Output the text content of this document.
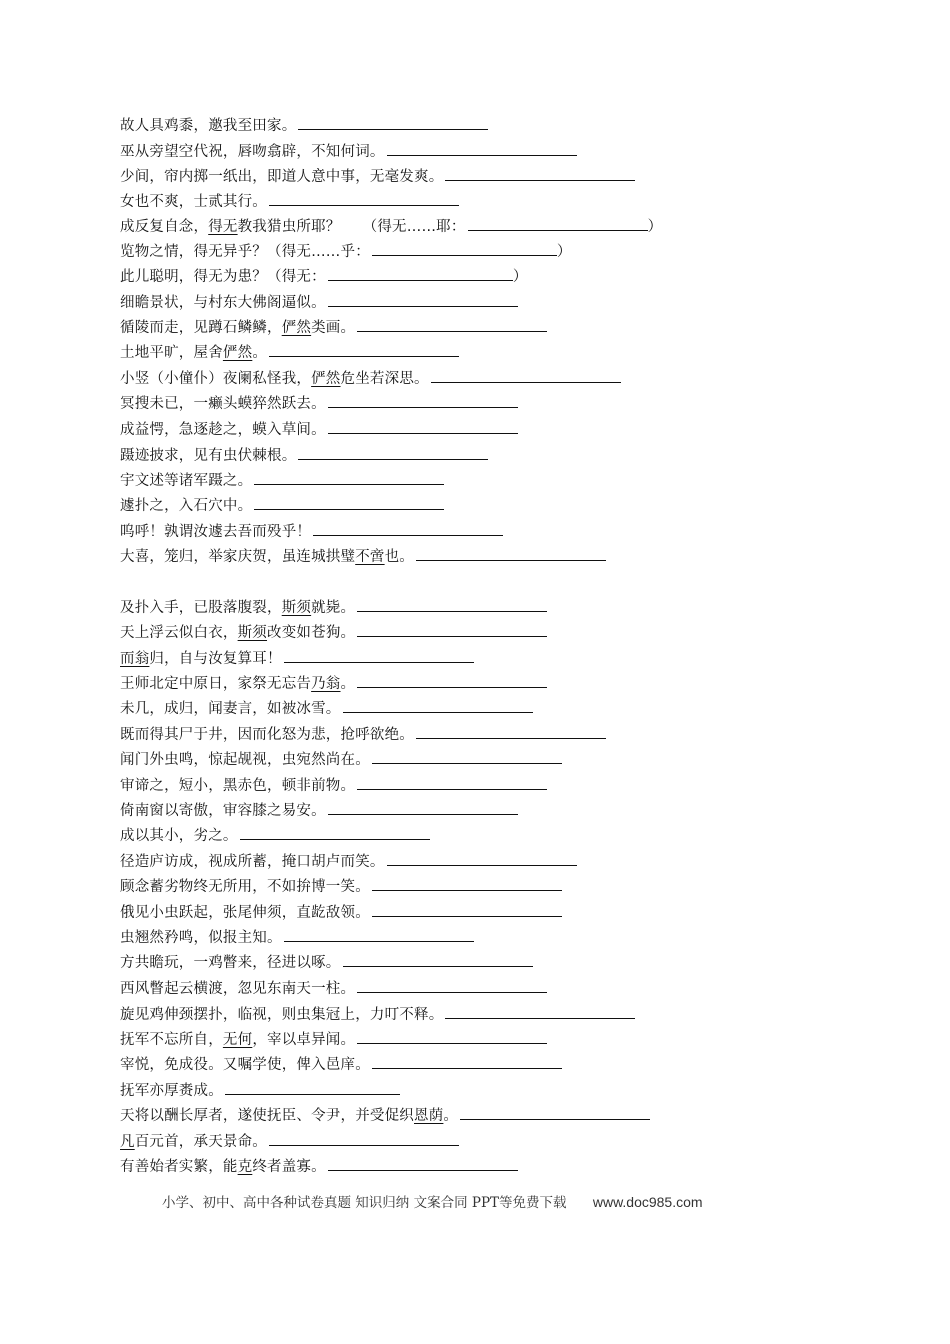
故人具鸡黍，邀我至田家。
巫从旁望空代祝，唇吻翕辟，不知何词。
少间，帘内掷一纸出，即道人意中事，无毫发爽。
女也不爽，士贰其行。
成反复自念，得无教我猎虫所耶？　　（得无……耶：	）
览物之情，得无异乎？（得无……乎：	）
此儿聪明，得无为患？（得无：	）
细瞻景状，与村东大佛阁逼似。
循陵而走，见蹲石鳞鳞，俨然类画。
土地平旷，屋舍俨然。
小竖（小僮仆）夜阑私怪我，俨然危坐若深思。
冥搜未已，一癞头蟆猝然跃去。
成益愕，急逐趁之，蟆入草间。
蹑迹披求，见有虫伏棘根。
宇文述等诸军蹑之。
遽扑之，入石穴中。
呜呼！孰谓汝遽去吾而殁乎！
大喜，笼归，举家庆贺，虽连城拱璧不啻也。
及扑入手，已股落腹裂，斯须就毙。
天上浮云似白衣，斯须改变如苍狗。
而翁归，自与汝复算耳！
王师北定中原日，家祭无忘告乃翁。
未几，成归，闻妻言，如被冰雪。
既而得其尸于井，因而化怒为悲，抢呼欲绝。
闻门外虫鸣，惊起觇视，虫宛然尚在。
审谛之，短小，黑赤色，顿非前物。
倚南窗以寄傲，审容膝之易安。
成以其小，劣之。
径造庐访成，视成所蓄，掩口胡卢而笑。
顾念蓄劣物终无所用，不如拚博一笑。
俄见小虫跃起，张尾伸须，直龁敌领。
虫翘然矜鸣，似报主知。
方共瞻玩，一鸡瞥来，径进以啄。
西风瞥起云横渡，忽见东南天一柱。
旋见鸡伸颈摆扑，临视，则虫集冠上，力叮不释。
抚军不忘所自，无何，宰以卓异闻。
宰悦，免成役。又嘱学使，俾入邑庠。
抚军亦厚赉成。
天将以酬长厚者，遂使抚臣、令尹，并受促织恩荫。
凡百元首，承天景命。
有善始者实繁，能克终者盖寡。
小学、初中、高中各种试卷真题 知识归纳 文案合同 PPT等免费下载 www.doc985.com
